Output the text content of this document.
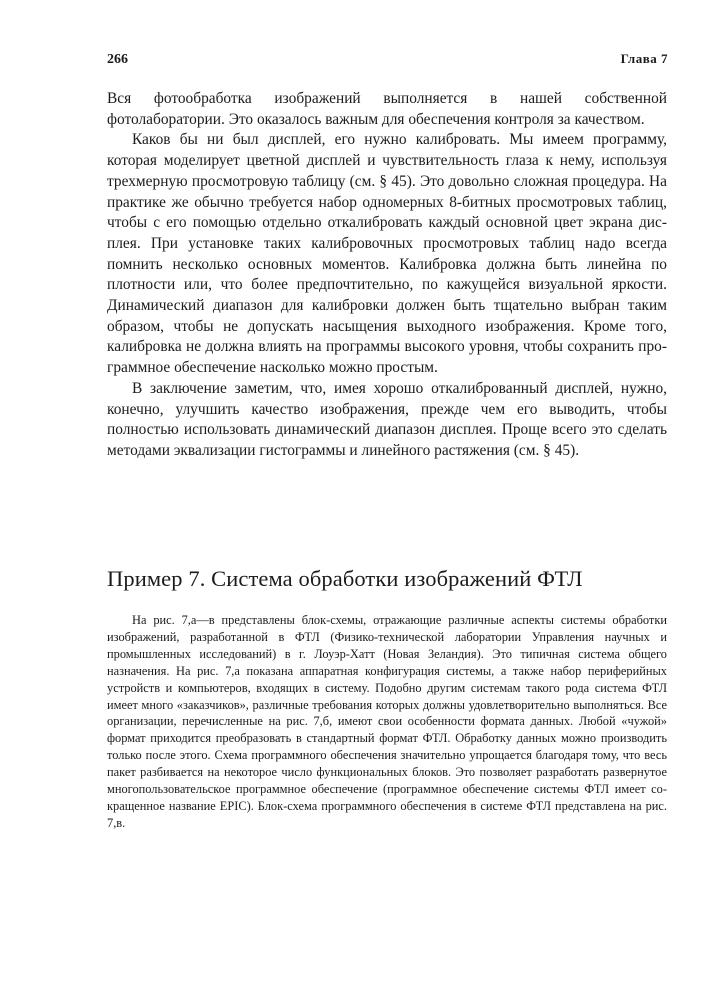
266	Глава 7

Вся фотообработка изображений выполняется в нашей собственной фотолаборатории. Это оказалось важным для обеспечения контроля за качеством.

Каков бы ни был дисплей, его нужно калибровать. Мы имеем программу, которая моделирует цветной дисплей и чувствительность глаза к нему, используя трехмерную просмотровую таблицу (см. § 45). Это довольно сложная процедура. На практике же обычно требуется набор одномерных 8-битных просмотровых таблиц, чтобы с его помощью отдельно откалибровать каждый основной цвет экрана дисплея. При установке таких калибровочных просмотровых таблиц надо всегда помнить несколько основных моментов. Калибровка должна быть линейна по плотности или, что более предпочтительно, по кажущейся визуальной яркости. Динамический диапазон для калибровки должен быть тщательно выбран таким образом, чтобы не допускать насыщения выходного изображения. Кроме того, калибровка не должна влиять на программы высокого уровня, чтобы сохранить программное обеспечение насколько можно простым.

В заключение заметим, что, имея хорошо откалиброванный дисплей, нужно, конечно, улучшить качество изображения, прежде чем его выводить, чтобы полностью использовать динамический диапазон дисплея. Проще всего это сделать методами эквализации гистограммы и линейного растяжения (см. § 45).

Пример 7. Система обработки изображений ФТЛ

На рис. 7,а—в представлены блок-схемы, отражающие различные аспекты системы обработки изображений, разработанной в ФТЛ (Физико-технической лаборатории Управления научных и промышленных исследований) в г. Лоуэр-Хатт (Новая Зеландия). Это типичная система общего назначения. На рис. 7,а показана аппаратная конфигурация системы, а также набор периферийных устройств и компьютеров, входящих в систему. Подобно другим системам такого рода система ФТЛ имеет много «заказчиков», различные требования которых должны удовлетворительно выполняться. Все организации, перечисленные на рис. 7,б, имеют свои особенности формата данных. Любой «чужой» формат приходится преобразовать в стандартный формат ФТЛ. Обработку данных можно производить только после этого. Схема программного обеспечения значительно упрощается благодаря тому, что весь пакет разбивается на некоторое число функциональных блоков. Это позволяет разработать развернутое многопользовательское программное обеспечение (программное обеспечение системы ФТЛ имеет сокращенное название EPIC). Блок-схема программного обеспечения в системе ФТЛ представлена на рис. 7,в.
